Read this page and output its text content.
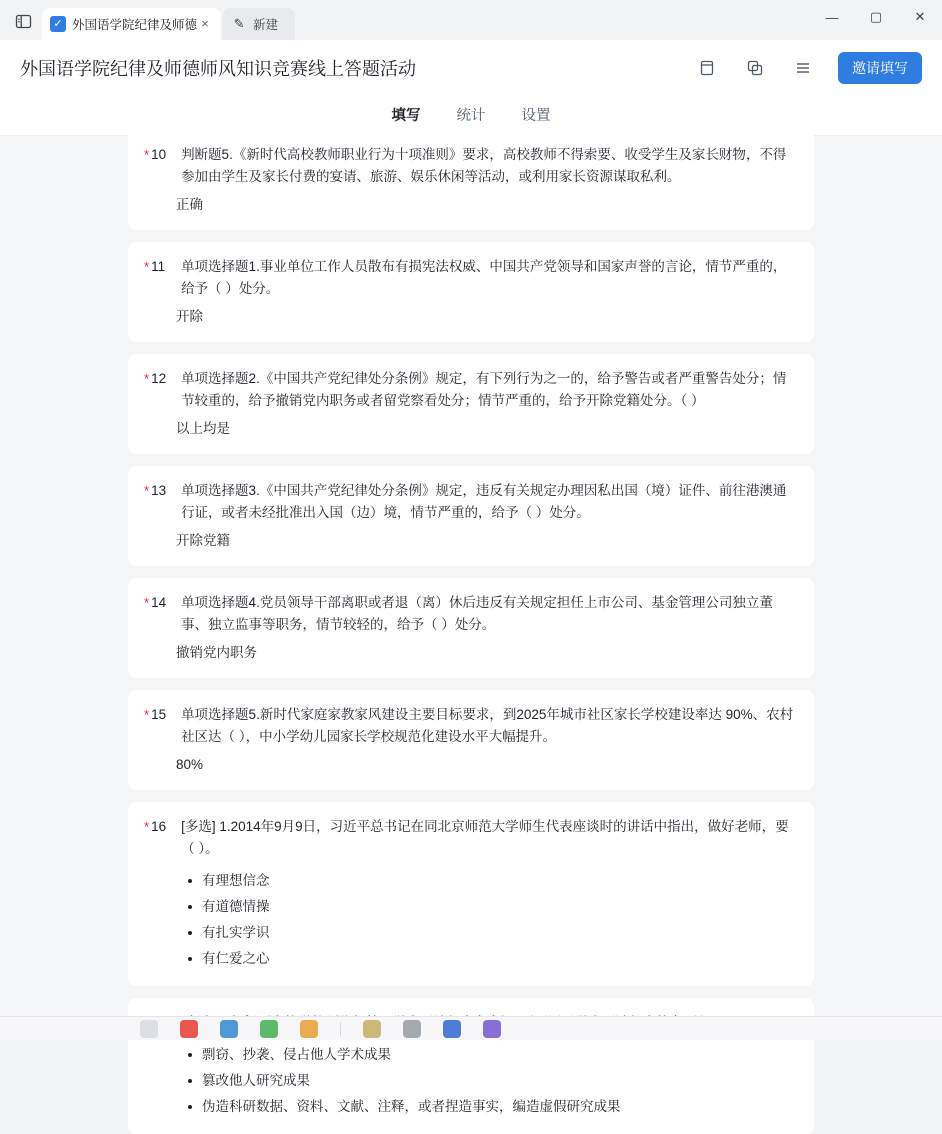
✓ 外国语学院纪律及师德 ×	✎ 新建
—	▢	✕
外国语学院纪律及师德师风知识竞赛线上答题活动	邀请填写
填写 统计 设置
* 10	判断题5.《新时代高校教师职业行为十项准则》要求，高校教师不得索要、收受学生及家长财物，不得参加由学生及家长付费的宴请、旅游、娱乐休闲等活动，或利用家长资源谋取私利。
正确
* 11	单项选择题1.事业单位工作人员散布有损宪法权威、中国共产党领导和国家声誉的言论，情节严重的，给予（ ）处分。
开除
* 12	单项选择题2.《中国共产党纪律处分条例》规定，有下列行为之一的，给予警告或者严重警告处分；情节较重的，给予撤销党内职务或者留党察看处分；情节严重的，给予开除党籍处分。（ ）
以上均是
* 13	单项选择题3.《中国共产党纪律处分条例》规定，违反有关规定办理因私出国（境）证件、前往港澳通行证，或者未经批准出入国（边）境，情节严重的，给予（ ）处分。
开除党籍
* 14	单项选择题4.党员领导干部离职或者退（离）休后违反有关规定担任上市公司、基金管理公司独立董事、独立监事等职务，情节较轻的，给予（ ）处分。
撤销党内职务
* 15	单项选择题5.新时代家庭家教家风建设主要目标要求，到2025年城市社区家长学校建设率达 90%、农村社区达（ ），中小学幼儿园家长学校规范化建设水平大幅提升。
80%
* 16	[多选] 1.2014年9月9日，习近平总书记在同北京师范大学师生代表座谈时的讲话中指出，做好老师，要（ ）。
有理想信念
有道德情操
有扎实学识
有仁爱之心
剽窃、抄袭、侵占他人学术成果
篡改他人研究成果
伪造科研数据、资料、文献、注释，或者捏造事实，编造虚假研究成果
